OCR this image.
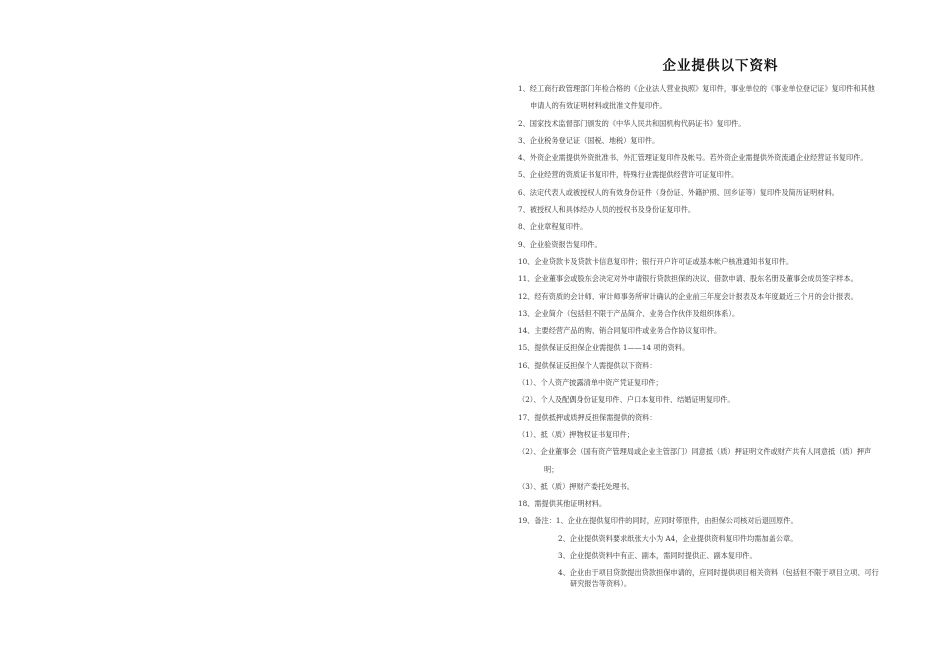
企业提供以下资料
1、经工商行政管理部门年检合格的《企业法人营业执照》复印件，事业单位的《事业单位登记证》复印件和其他
申请人的有效证明材料或批准文件复印件。
2、国家技术监督部门颁发的《中华人民共和国机构代码证书》复印件。
3、企业税务登记证（国税、地税）复印件。
4、外资企业需提供外资批准书、外汇管理证复印件及帐号。若外资企业需提供外资流通企业经营证书复印件。
5、企业经营的资质证书复印件，特殊行业需提供经营许可证复印件。
6、法定代表人或被授权人的有效身份证件（身份证、外籍护照、回乡证等）复印件及简历证明材料。
7、被授权人和具体经办人员的授权书及身份证复印件。
8、企业章程复印件。
9、企业验资报告复印件。
10、企业贷款卡及贷款卡信息复印件；银行开户许可证或基本帐户核准通知书复印件。
11、企业董事会或股东会决定对外申请银行贷款担保的决议、借款申请、股东名册及董事会成员签字样本。
12、经有资质的会计师、审计师事务所审计确认的企业前三年度会计报表及本年度最近三个月的会计报表。
13、企业简介（包括但不限于产品简介、业务合作伙伴及组织体系）。
14、主要经营产品的购、销合同复印件或业务合作协议复印件。
15、提供保证反担保企业需提供 1——14 项的资料。
16、提供保证反担保个人需提供以下资料：
（1）、个人资产披露清单中资产凭证复印件；
（2）、个人及配偶身份证复印件、户口本复印件、结婚证明复印件。
17、提供抵押或质押反担保需提供的资料：
（1）、抵（质）押物权证书复印件；
（2）、企业董事会（国有资产管理局或企业主管部门）同意抵（质）押证明文件或财产共有人同意抵（质）押声
明；
（3）、抵（质）押财产委托处理书。
18、需提供其他证明材料。
19、备注：1、企业在提供复印件的同时，应同时带原件，由担保公司核对后退回原件。
2、企业提供资料要求纸张大小为 A4，企业提供资料复印件均需加盖公章。
3、企业提供资料中有正、副本，需同时提供正、副本复印件。
4、企业由于项目贷款提出贷款担保申请的，应同时提供项目相关资料（包括但不限于项目立项、可行
研究报告等资料）。
